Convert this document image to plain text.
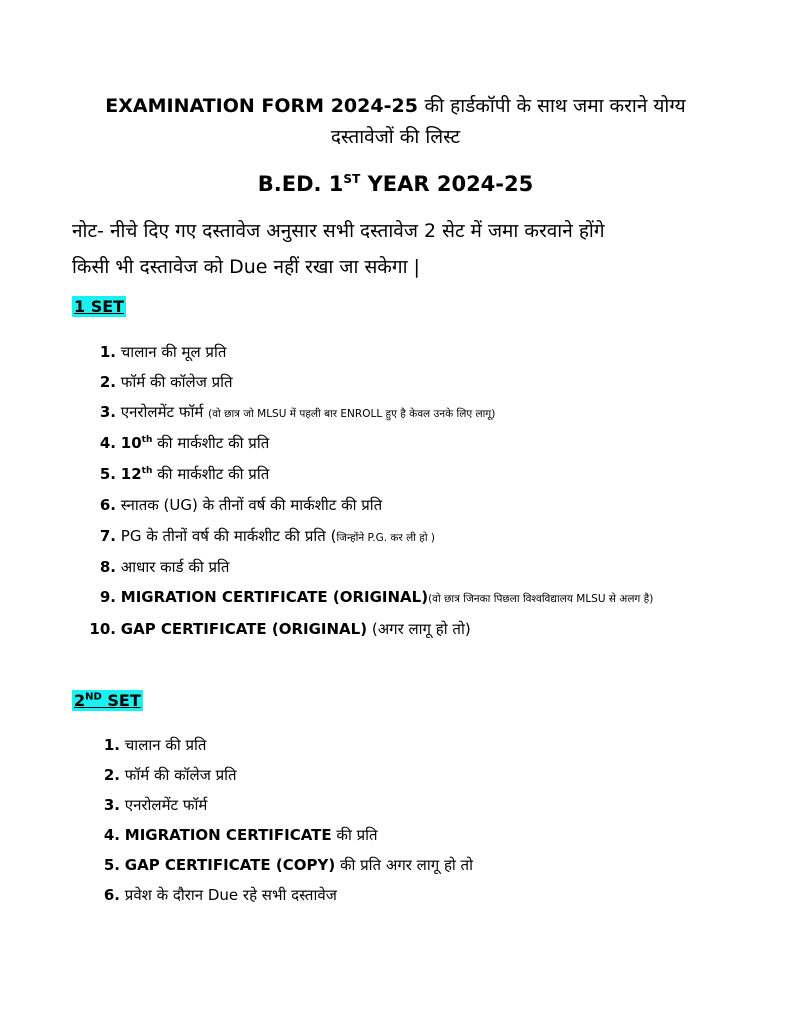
EXAMINATION FORM 2024-25 की हार्डकॉपी के साथ जमा कराने योग्य
दस्तावेजों की लिस्ट
B.ED. 1ST YEAR 2024-25
नोट- नीचे दिए गए दस्तावेज अनुसार सभी दस्तावेज 2 सेट में जमा करवाने होंगे
किसी भी दस्तावेज को Due नहीं रखा जा सकेगा |
1 SET
1. चालान की मूल प्रति
2. फॉर्म की कॉलेज प्रति
3. एनरोलमेंट फॉर्म (वो छात्र जो MLSU में पहली बार ENROLL हुए है केवल उनके लिए लागू)
4. 10th की मार्कशीट की प्रति
5. 12th की मार्कशीट की प्रति
6. स्नातक (UG) के तीनों वर्ष की मार्कशीट की प्रति
7. PG के तीनों वर्ष की मार्कशीट की प्रति (जिन्होंने P.G. कर ली हो )
8. आधार कार्ड की प्रति
9. MIGRATION CERTIFICATE (ORIGINAL)(वो छात्र जिनका पिछला विश्वविद्यालय MLSU से अलग है)
10. GAP CERTIFICATE (ORIGINAL) (अगर लागू हो तो)
2ND SET
1. चालान की प्रति
2. फॉर्म की कॉलेज प्रति
3. एनरोलमेंट फॉर्म
4. MIGRATION CERTIFICATE की प्रति
5. GAP CERTIFICATE (COPY) की प्रति अगर लागू हो तो
6. प्रवेश के दौरान Due रहे सभी दस्तावेज
